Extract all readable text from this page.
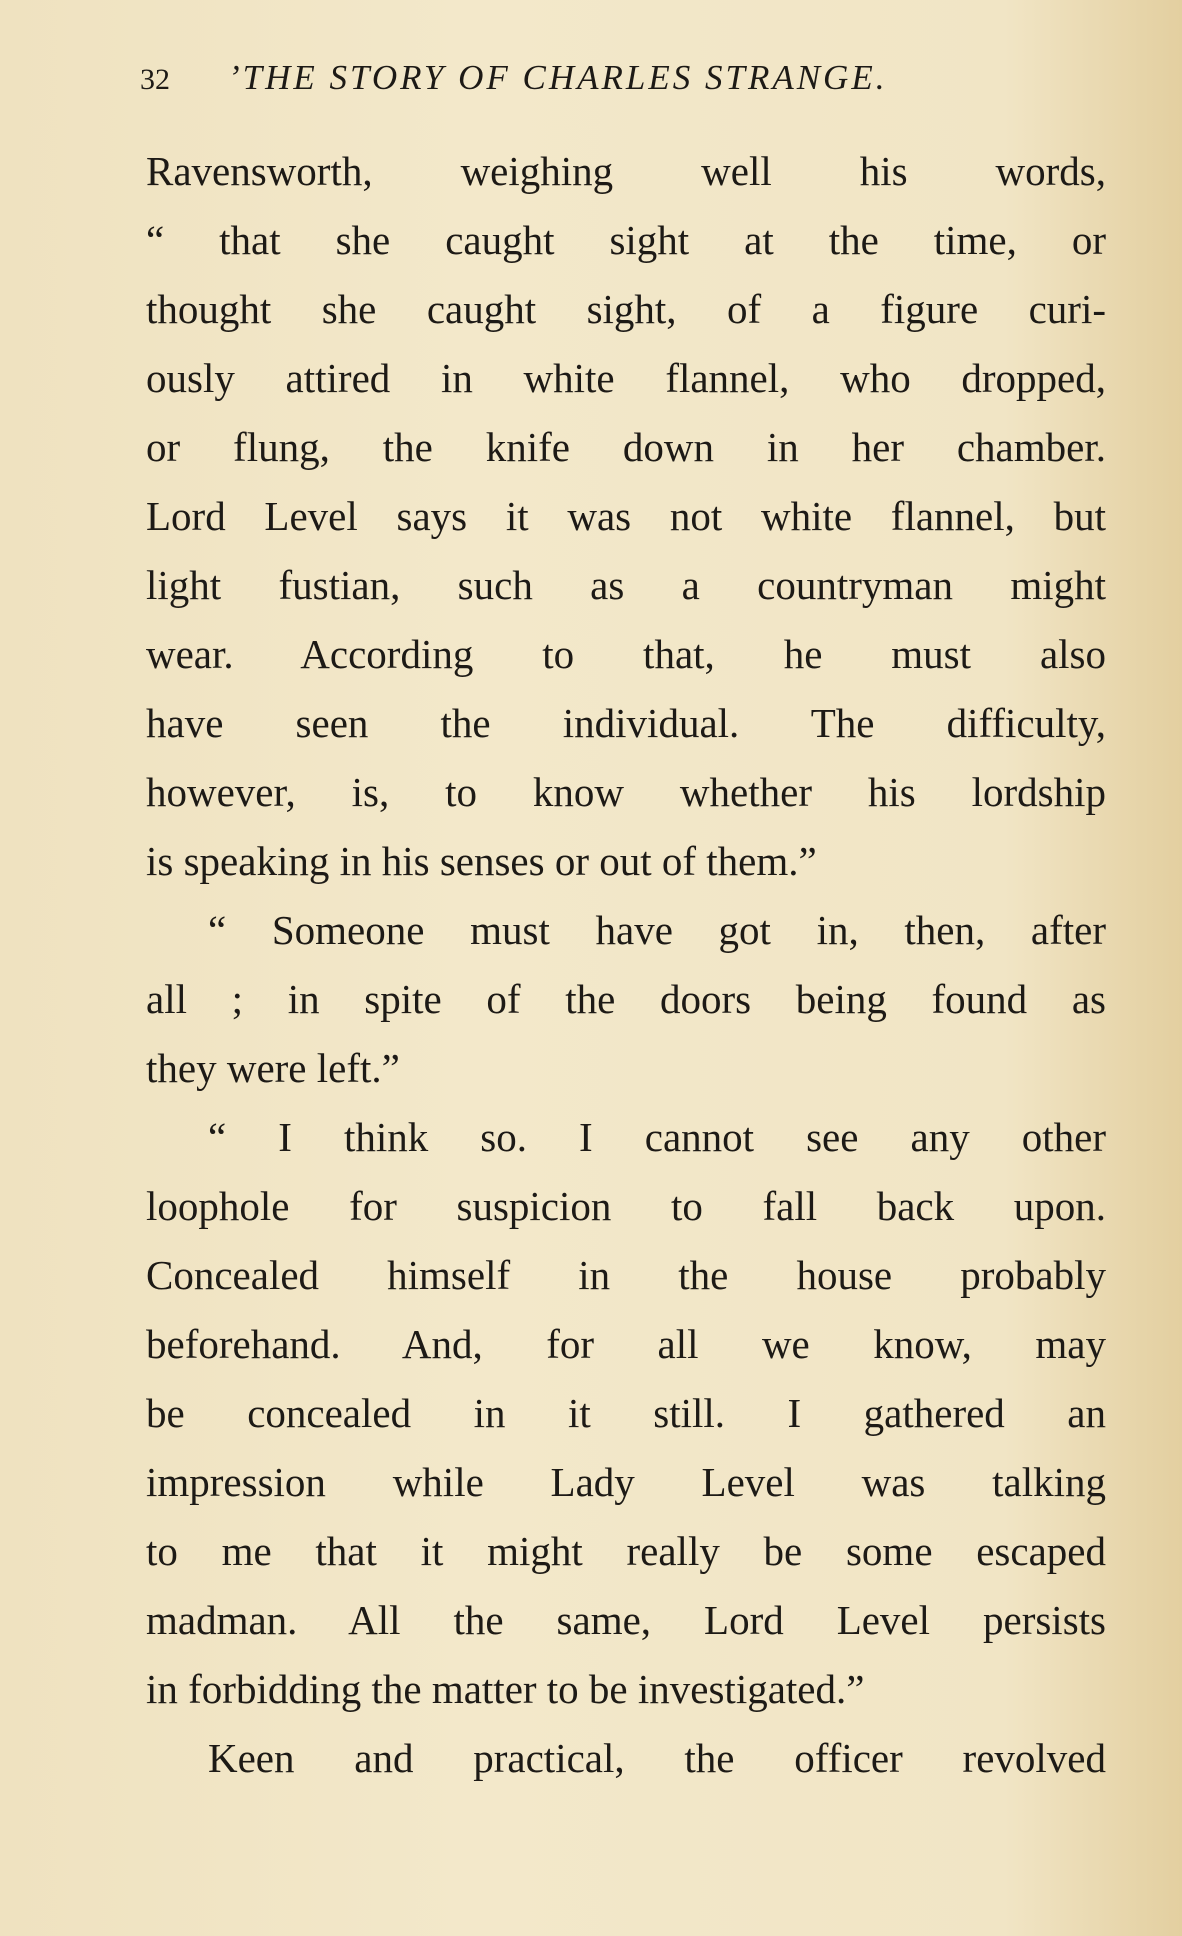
32 ’THE STORY OF CHARLES STRANGE.
Ravensworth, weighing well his words,
“ that she caught sight at the time, or
thought she caught sight, of a figure curi-
ously attired in white flannel, who dropped,
or flung, the knife down in her chamber.
Lord Level says it was not white flannel, but
light fustian, such as a countryman might
wear. According to that, he must also
have seen the individual. The difficulty,
however, is, to know whether his lordship
is speaking in his senses or out of them.”
“ Someone must have got in, then, after
all ; in spite of the doors being found as
they were left.”
“ I think so. I cannot see any other
loophole for suspicion to fall back upon.
Concealed himself in the house probably
beforehand. And, for all we know, may
be concealed in it still. I gathered an
impression while Lady Level was talking
to me that it might really be some escaped
madman. All the same, Lord Level persists
in forbidding the matter to be investigated.”
Keen and practical, the officer revolved
